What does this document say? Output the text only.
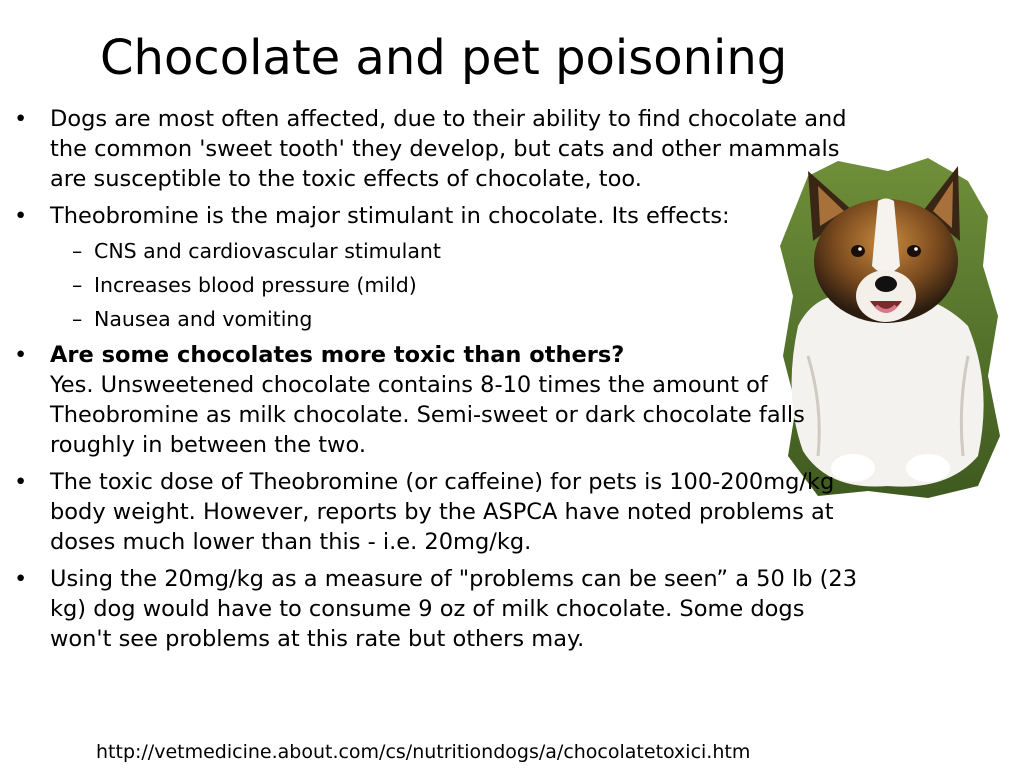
Chocolate and pet poisoning
• Dogs are most often affected, due to their ability to find chocolate and the common 'sweet tooth' they develop, but cats and other mammals are susceptible to the toxic effects of chocolate, too.
• Theobromine is the major stimulant in chocolate. Its effects:
– CNS and cardiovascular stimulant
– Increases blood pressure (mild)
– Nausea and vomiting
• Are some chocolates more toxic than others?
Yes. Unsweetened chocolate contains 8-10 times the amount of Theobromine as milk chocolate. Semi-sweet or dark chocolate falls roughly in between the two.
• The toxic dose of Theobromine (or caffeine) for pets is 100-200mg/kg body weight. However, reports by the ASPCA have noted problems at doses much lower than this - i.e. 20mg/kg.
• Using the 20mg/kg as a measure of "problems can be seen” a 50 lb (23 kg) dog would have to consume 9 oz of milk chocolate. Some dogs won't see problems at this rate but others may.
http://vetmedicine.about.com/cs/nutritiondogs/a/chocolatetoxici.htm
